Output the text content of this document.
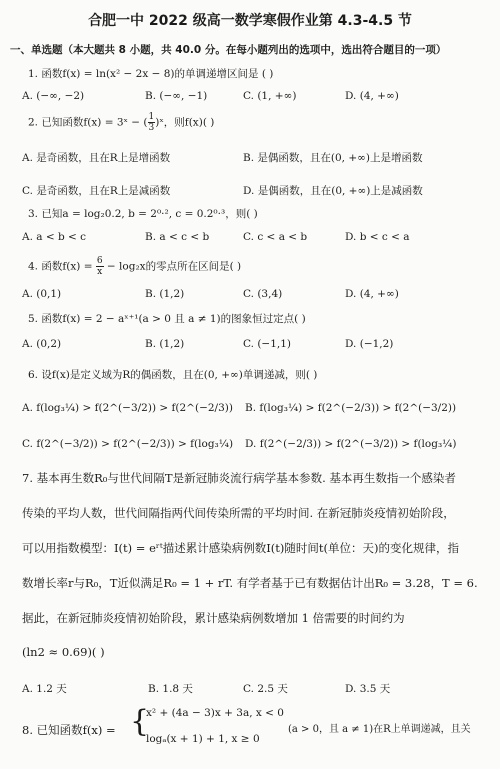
合肥一中 2022 级高一数学寒假作业第 4.3-4.5 节
一、单选题（本大题共 8 小题，共 40.0 分。在每小题列出的选项中，选出符合题目的一项）
1. 函数f(x) = ln(x² − 2x − 8)的单调递增区间是 ( )
A. (−∞, −2)	B. (−∞, −1)	C. (1, +∞)	D. (4, +∞)
2. 已知函数f(x) = 3ˣ − ( $\frac{1}{3}$ )ˣ，则f(x)( )
A. 是奇函数，且在R上是增函数	B. 是偶函数，且在(0, +∞)上是增函数
C. 是奇函数，且在R上是减函数	D. 是偶函数，且在(0, +∞)上是减函数
3. 已知a = log₂0.2, b = 2⁰·², c = 0.2⁰·³，则( )
A. a < b < c	B. a < c < b	C. c < a < b	D. b < c < a
4. 函数$f(x) = \frac{6}{x} - \log_2x$的零点所在区间是( )
A. (0,1)	B. (1,2)	C. (3,4)	D. (4, +∞)
5. 函数f(x) = 2 − aˣ⁺¹(a > 0 且 a ≠ 1)的图象恒过定点( )
A. (0,2)	B. (1,2)	C. (−1,1)	D. (−1,2)
6. 设f(x)是定义域为R的偶函数，且在(0, +∞)单调递减，则( )
A. f(log₃¼) > f(2^(−3/2)) > f(2^(−2/3)) B. f(log₃¼) > f(2^(−2/3)) > f(2^(−3/2))
C. f(2^(−3/2)) > f(2^(−2/3)) > f(log₃¼) D. f(2^(−2/3)) > f(2^(−3/2)) > f(log₃¼)
7. 基本再生数R₀与世代间隔T是新冠肺炎流行病学基本参数. 基本再生数指一个感染者
传染的平均人数，世代间隔指两代间传染所需的平均时间. 在新冠肺炎疫情初始阶段，
可以用指数模型：I(t) = eʳᵗ描述累计感染病例数I(t)随时间t(单位：天)的变化规律，指
数增长率r与R₀，T近似满足R₀ = 1 + rT. 有学者基于已有数据估计出R₀ = 3.28，T = 6.
据此，在新冠肺炎疫情初始阶段，累计感染病例数增加 1 倍需要的时间约为
(ln2 ≈ 0.69)( )
A. 1.2 天	B. 1.8 天	C. 2.5 天	D. 3.5 天
8. 已知函数f(x) = {
x² + (4a − 3)x + 3a, x < 0
logₐ(x + 1) + 1, x ≥ 0
(a > 0，且 a ≠ 1)在R上单调递减，且关
